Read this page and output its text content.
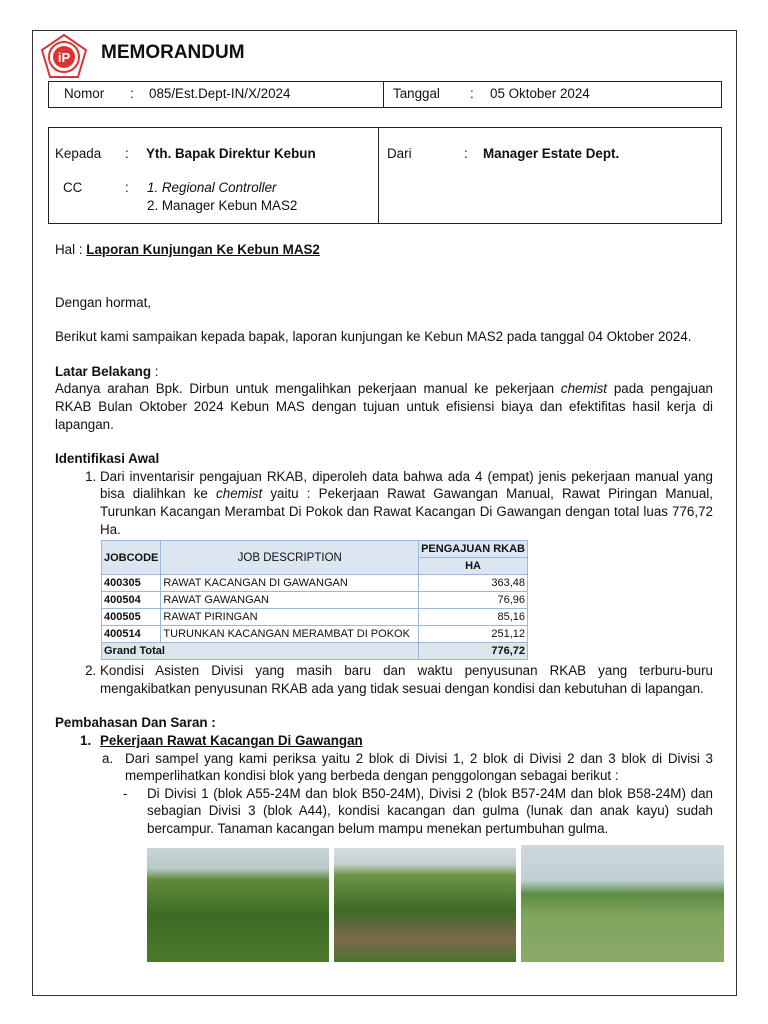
iP MEMORANDUM
Nomor : 085/Est.Dept-IN/X/2024	Tanggal : 05 Oktober 2024
Kepada : Yth. Bapak Direktur Kebun
CC	: 1. Regional Controller
2. Manager Kebun MAS2
Dari	: Manager Estate Dept.
Hal : Laporan Kunjungan Ke Kebun MAS2

Dengan hormat,

Berikut kami sampaikan kepada bapak, laporan kunjungan ke Kebun MAS2 pada tanggal 04 Oktober 2024.

Latar Belakang :

Adanya arahan Bpk. Dirbun untuk mengalihkan pekerjaan manual ke pekerjaan chemist pada pengajuan RKAB Bulan Oktober 2024 Kebun MAS dengan tujuan untuk efisiensi biaya dan efektifitas hasil kerja di lapangan.

Identifikasi Awal

1. Dari inventarisir pengajuan RKAB, diperoleh data bahwa ada 4 (empat) jenis pekerjaan manual yang bisa dialihkan ke chemist yaitu : Pekerjaan Rawat Gawangan Manual, Rawat Piringan Manual, Turunkan Kacangan Merambat Di Pokok dan Rawat Kacangan Di Gawangan dengan total luas 776,72 Ha.

JOBCODE	JOB DESCRIPTION	PENGAJUAN RKAB
		HA
400305	RAWAT KACANGAN DI GAWANGAN	363,48
400504	RAWAT GAWANGAN	76,96
400505	RAWAT PIRINGAN	85,16
400514	TURUNKAN KACANGAN MERAMBAT DI POKOK	251,12
Grand Total		776,72

2. Kondisi Asisten Divisi yang masih baru dan waktu penyusunan RKAB yang terburu-buru mengakibatkan penyusunan RKAB ada yang tidak sesuai dengan kondisi dan kebutuhan di lapangan.

Pembahasan Dan Saran :
1. Pekerjaan Rawat Kacangan Di Gawangan
a. Dari sampel yang kami periksa yaitu 2 blok di Divisi 1, 2 blok di Divisi 2 dan 3 blok di Divisi 3 memperlihatkan kondisi blok yang berbeda dengan penggolongan sebagai berikut :

- Di Divisi 1 (blok A55-24M dan blok B50-24M), Divisi 2 (blok B57-24M dan blok B58-24M) dan sebagian Divisi 3 (blok A44), kondisi kacangan dan gulma (lunak dan anak kayu) sudah bercampur. Tanaman kacangan belum mampu menekan pertumbuhan gulma.
